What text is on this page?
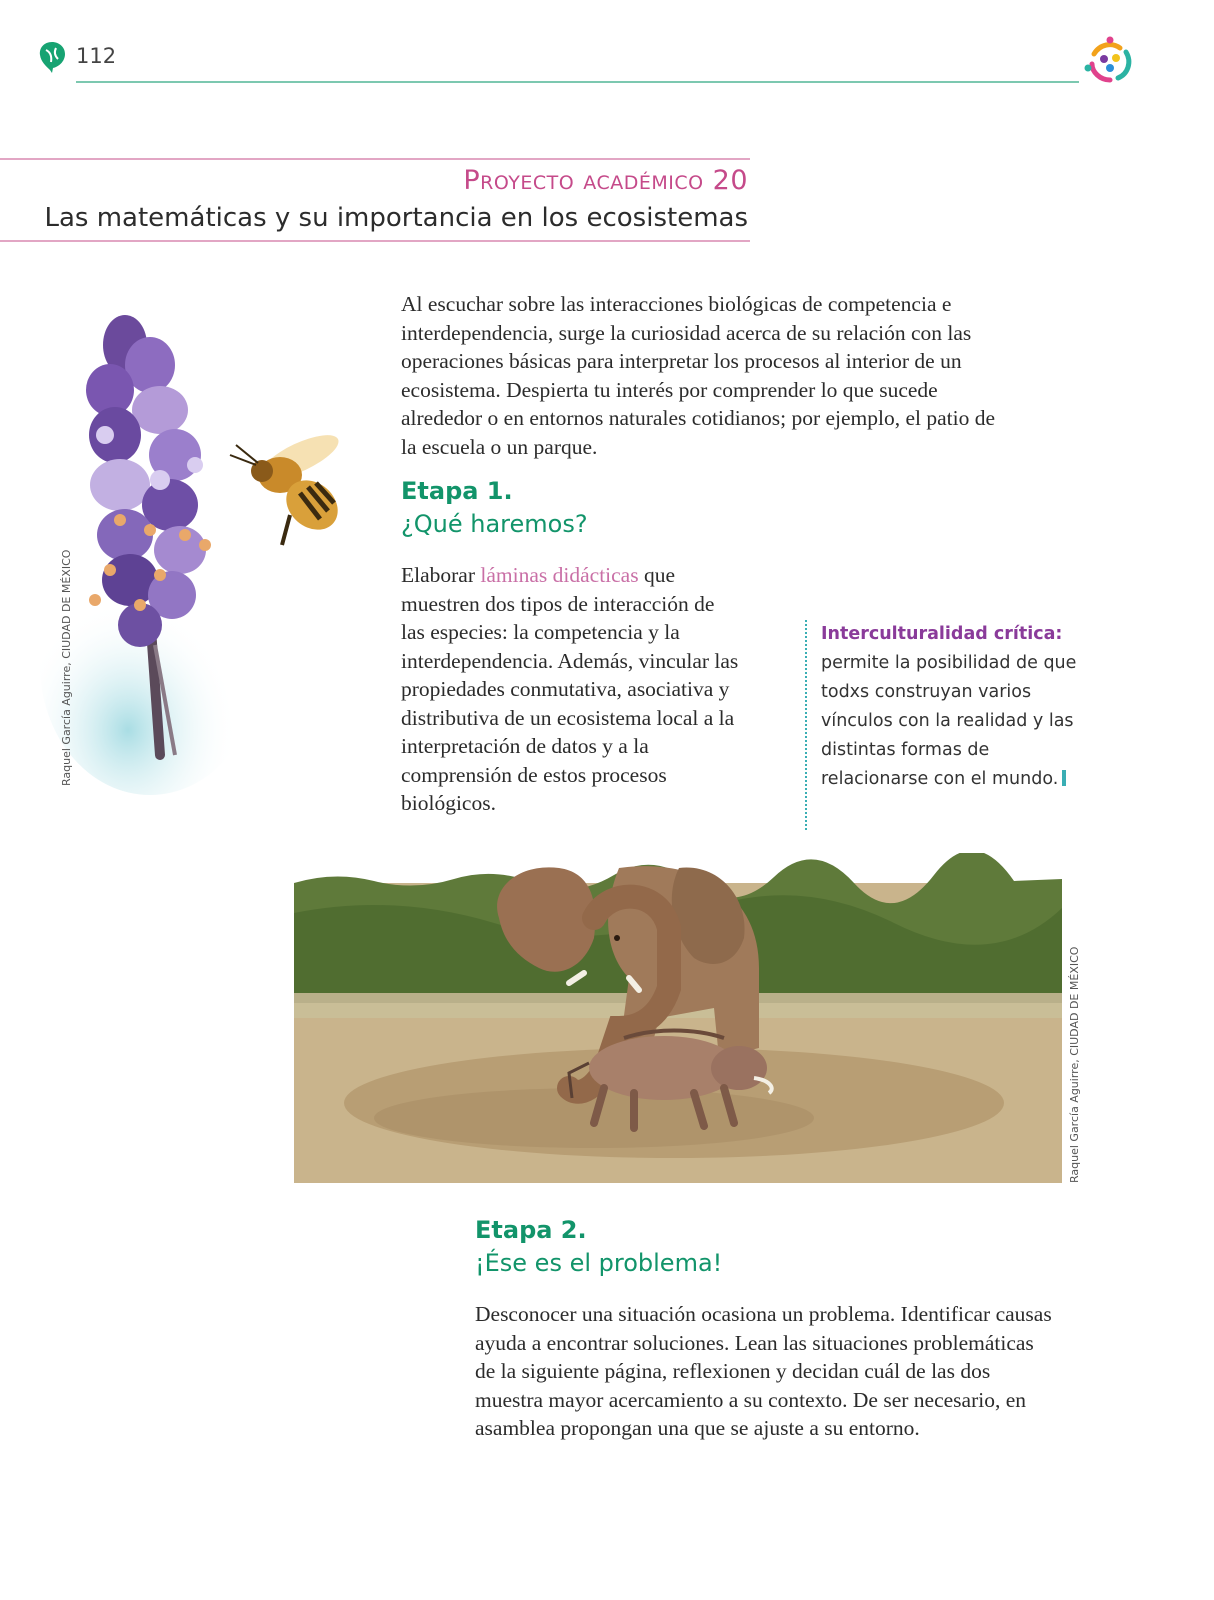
112
Proyecto académico 20
Las matemáticas y su importancia en los ecosistemas
Raquel García Aguirre, CIUDAD DE MÉXICO
Al escuchar sobre las interacciones biológicas de competencia e interdependencia, surge la curiosidad acerca de su relación con las operaciones básicas para interpretar los procesos al interior de un ecosistema. Despierta tu interés por comprender lo que sucede alrededor o en entornos naturales cotidianos; por ejemplo, el patio de la escuela o un parque.
Etapa 1.
¿Qué haremos?
Elaborar láminas didácticas que muestren dos tipos de interacción de las especies: la competencia y la interdependencia. Además, vincular las propiedades conmutativa, asociativa y distributiva de un ecosistema local a la interpretación de datos y a la comprensión de estos procesos biológicos.
Interculturalidad crítica: permite la posibilidad de que todxs construyan varios vínculos con la realidad y las distintas formas de relacionarse con el mundo.
Raquel García Aguirre, CIUDAD DE MÉXICO
Etapa 2.
¡Ése es el problema!
Desconocer una situación ocasiona un problema. Identificar causas ayuda a encontrar soluciones. Lean las situaciones problemáticas de la siguiente página, reflexionen y decidan cuál de las dos muestra mayor acercamiento a su contexto. De ser necesario, en asamblea propongan una que se ajuste a su entorno.
